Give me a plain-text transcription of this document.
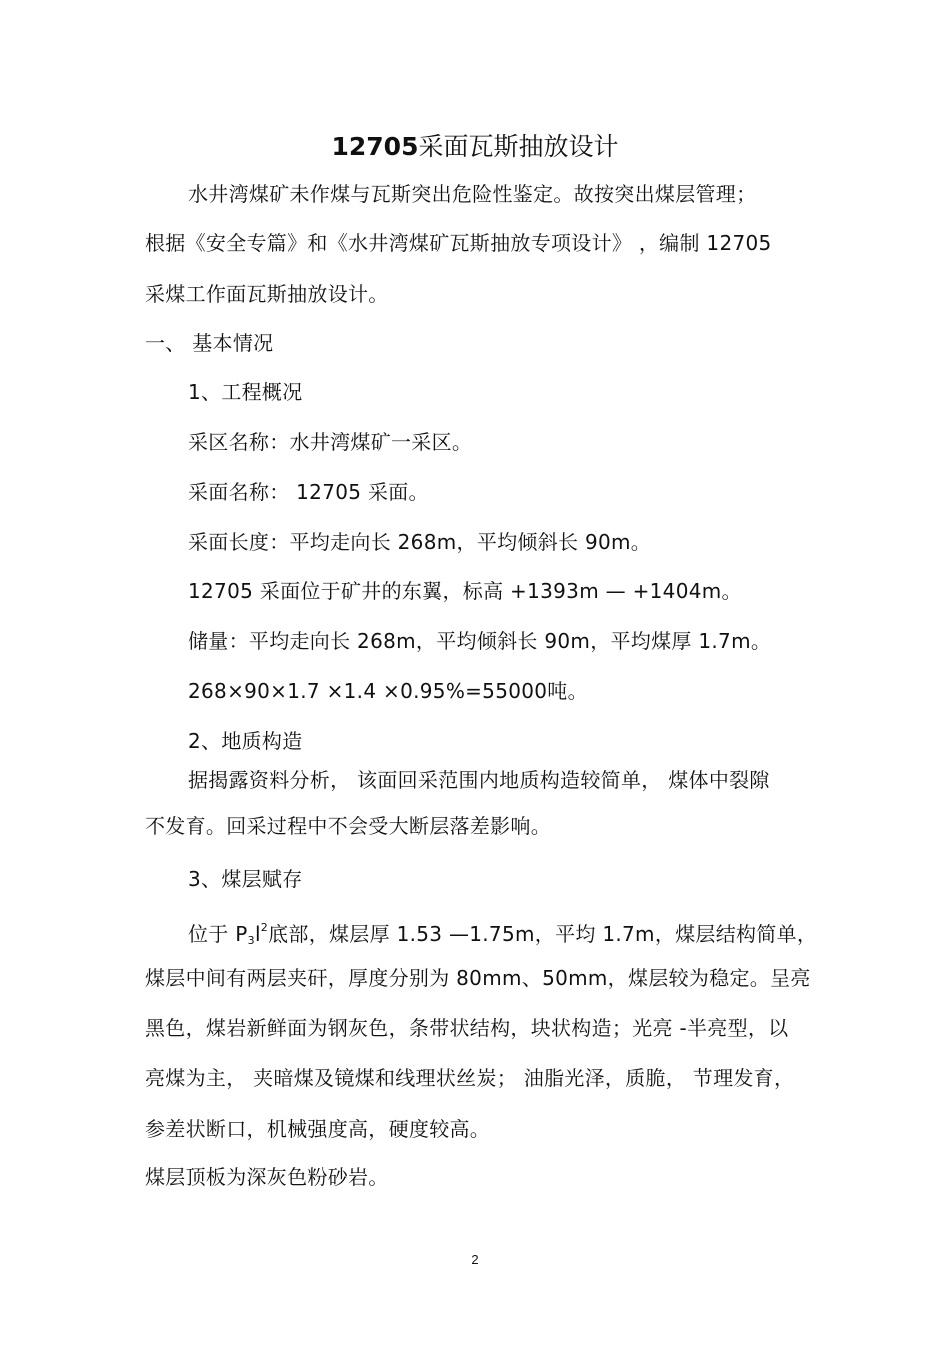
12705采面瓦斯抽放设计
水井湾煤矿未作煤与瓦斯突出危险性鉴定。故按突出煤层管理；
根据《安全专篇》和《水井湾煤矿瓦斯抽放专项设计》 ，编制 12705
采煤工作面瓦斯抽放设计。
一、 基本情况
1、工程概况
采区名称：水井湾煤矿一采区。
采面名称： 12705 采面。
采面长度：平均走向长 268m，平均倾斜长 90m。
12705 采面位于矿井的东翼，标高 +1393m — +1404m。
储量：平均走向长 268m，平均倾斜长 90m，平均煤厚 1.7m。
268×90×1.7 ×1.4 ×0.95%=55000吨。
2、地质构造
据揭露资料分析， 该面回采范围内地质构造较简单， 煤体中裂隙
不发育。回采过程中不会受大断层落差影响。
3、煤层赋存
位于 $P_3l^2$底部，煤层厚 1.53 —1.75m，平均 1.7m，煤层结构简单，
煤层中间有两层夹矸，厚度分别为 80mm、50mm，煤层较为稳定。呈亮
黑色，煤岩新鲜面为钢灰色，条带状结构，块状构造；光亮 -半亮型，以
亮煤为主， 夹暗煤及镜煤和线理状丝炭； 油脂光泽，质脆， 节理发育，
参差状断口，机械强度高，硬度较高。
煤层顶板为深灰色粉砂岩。
2
